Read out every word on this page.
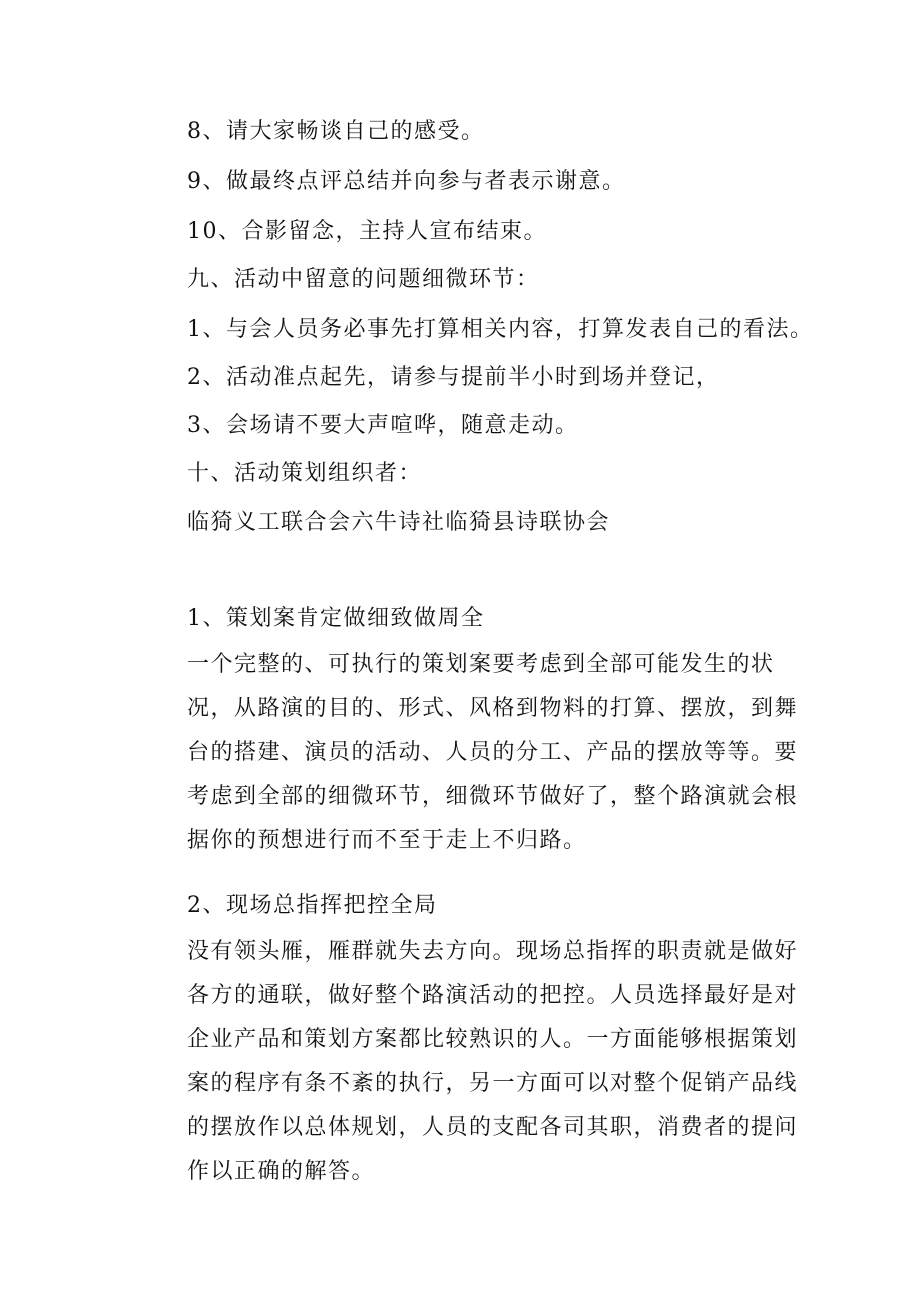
8、请大家畅谈自己的感受。
9、做最终点评总结并向参与者表示谢意。
10、合影留念，主持人宣布结束。
九、活动中留意的问题细微环节：
1、与会人员务必事先打算相关内容，打算发表自己的看法。
2、活动准点起先，请参与提前半小时到场并登记，
3、会场请不要大声喧哗，随意走动。
十、活动策划组织者：
临猗义工联合会六牛诗社临猗县诗联协会
1、策划案肯定做细致做周全
一个完整的、可执行的策划案要考虑到全部可能发生的状况，从路演的目的、形式、风格到物料的打算、摆放，到舞台的搭建、演员的活动、人员的分工、产品的摆放等等。要考虑到全部的细微环节，细微环节做好了，整个路演就会根据你的预想进行而不至于走上不归路。
2、现场总指挥把控全局
没有领头雁，雁群就失去方向。现场总指挥的职责就是做好各方的通联，做好整个路演活动的把控。人员选择最好是对企业产品和策划方案都比较熟识的人。一方面能够根据策划案的程序有条不紊的执行，另一方面可以对整个促销产品线的摆放作以总体规划，人员的支配各司其职，消费者的提问作以正确的解答。
